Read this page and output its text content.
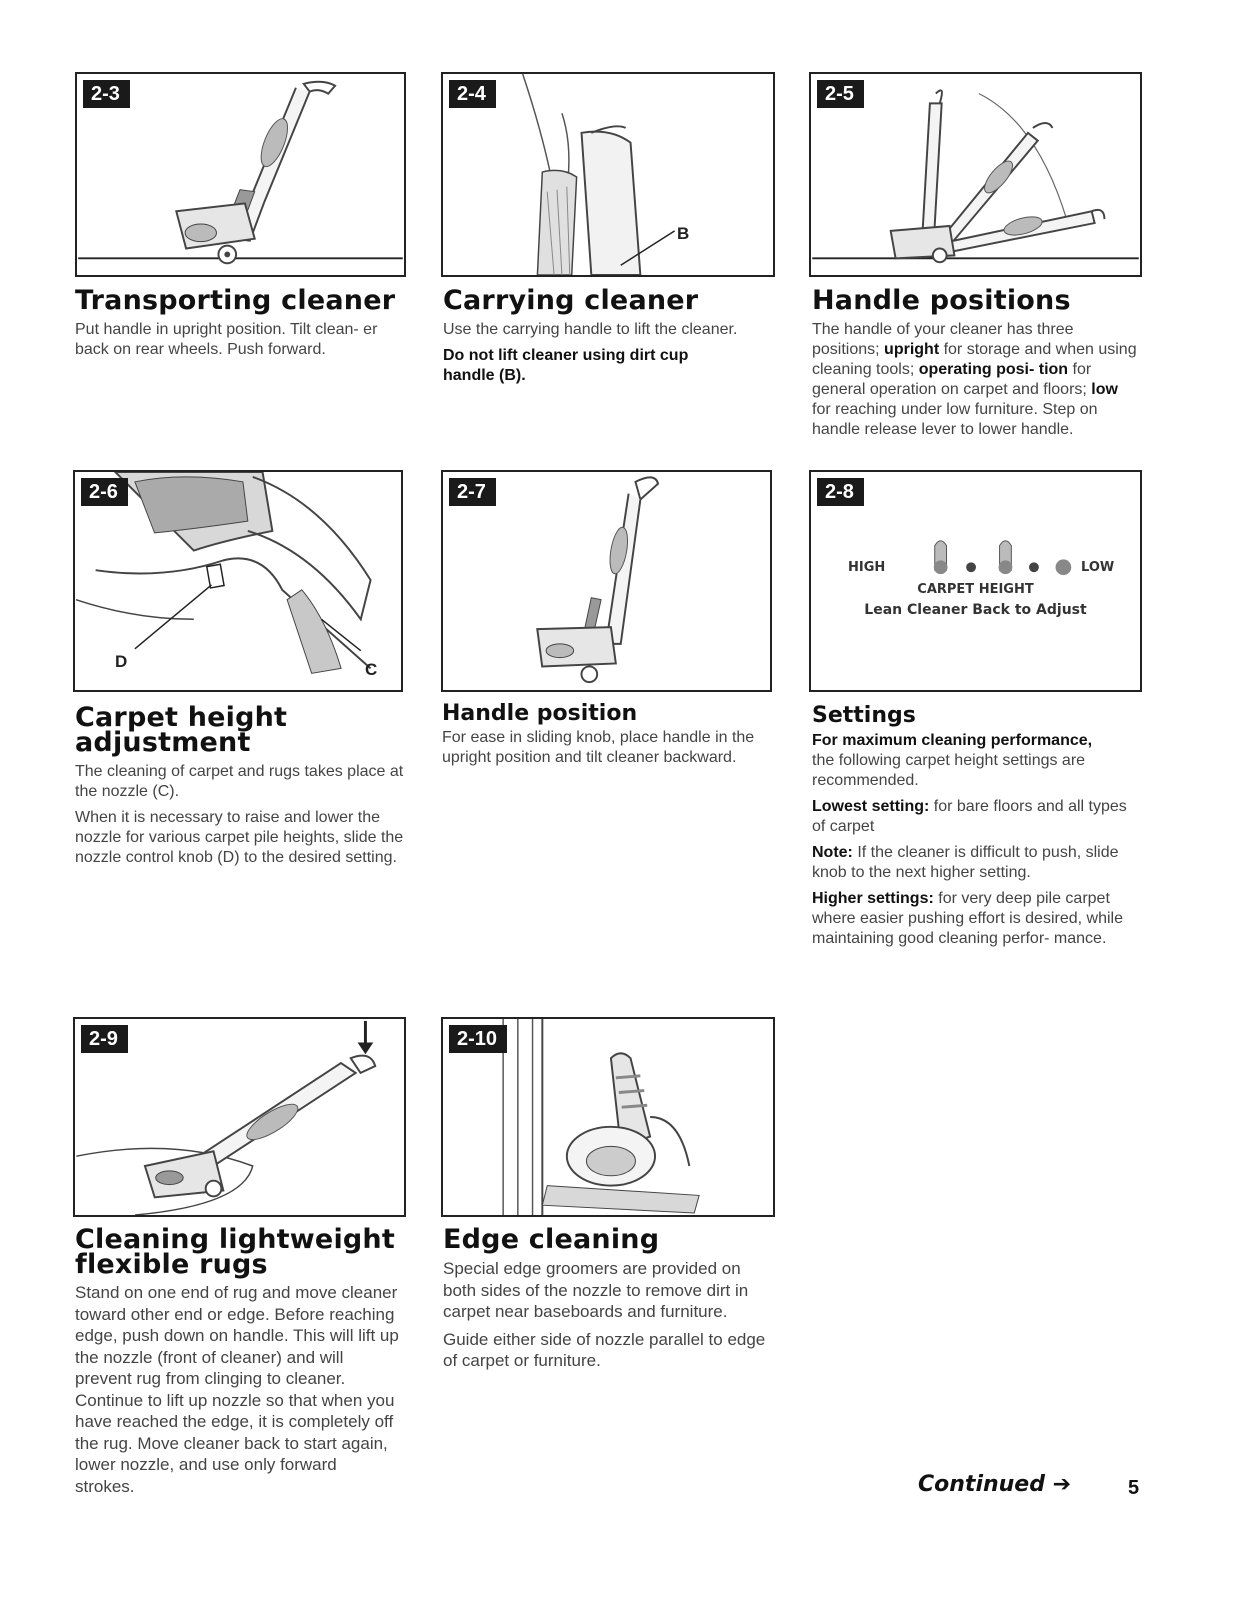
2-3	2-4
B
2-5
Transporting cleaner

Put handle in upright position. Tilt clean- er back on rear wheels. Push forward.

Carrying cleaner

Use the carrying handle to lift the cleaner.

Do not lift cleaner using dirt cup handle (B).

Handle positions

The handle of your cleaner has three positions; upright for storage and when using cleaning tools; operating posi- tion for general operation on carpet and floors; low for reaching under low furniture. Step on handle release lever to lower handle.

2-6
D	C
2-7	2-8
HIGH	LOW
CARPET HEIGHT
Lean Cleaner Back to Adjust
Carpet height
adjustment

The cleaning of carpet and rugs takes place at the nozzle (C).

When it is necessary to raise and lower the nozzle for various carpet pile heights, slide the nozzle control knob (D) to the desired setting.

Handle position

For ease in sliding knob, place handle in the upright position and tilt cleaner backward.

Settings

For maximum cleaning performance,
the following carpet height settings are recommended.

Lowest setting: for bare floors and all types of carpet

Note: If the cleaner is difficult to push, slide knob to the next higher setting.

Higher settings: for very deep pile carpet where easier pushing effort is desired, while maintaining good cleaning perfor- mance.

2-9	2-10
Cleaning lightweight
flexible rugs

Stand on one end of rug and move cleaner toward other end or edge. Before reaching edge, push down on handle. This will lift up the nozzle (front of cleaner) and will prevent rug from clinging to cleaner. Continue to lift up nozzle so that when you have reached the edge, it is completely off the rug. Move cleaner back to start again, lower nozzle, and use only forward strokes.

Edge cleaning

Special edge groomers are provided on both sides of the nozzle to remove dirt in carpet near baseboards and furniture.

Guide either side of nozzle parallel to edge of carpet or furniture.

Continued ➔	5
